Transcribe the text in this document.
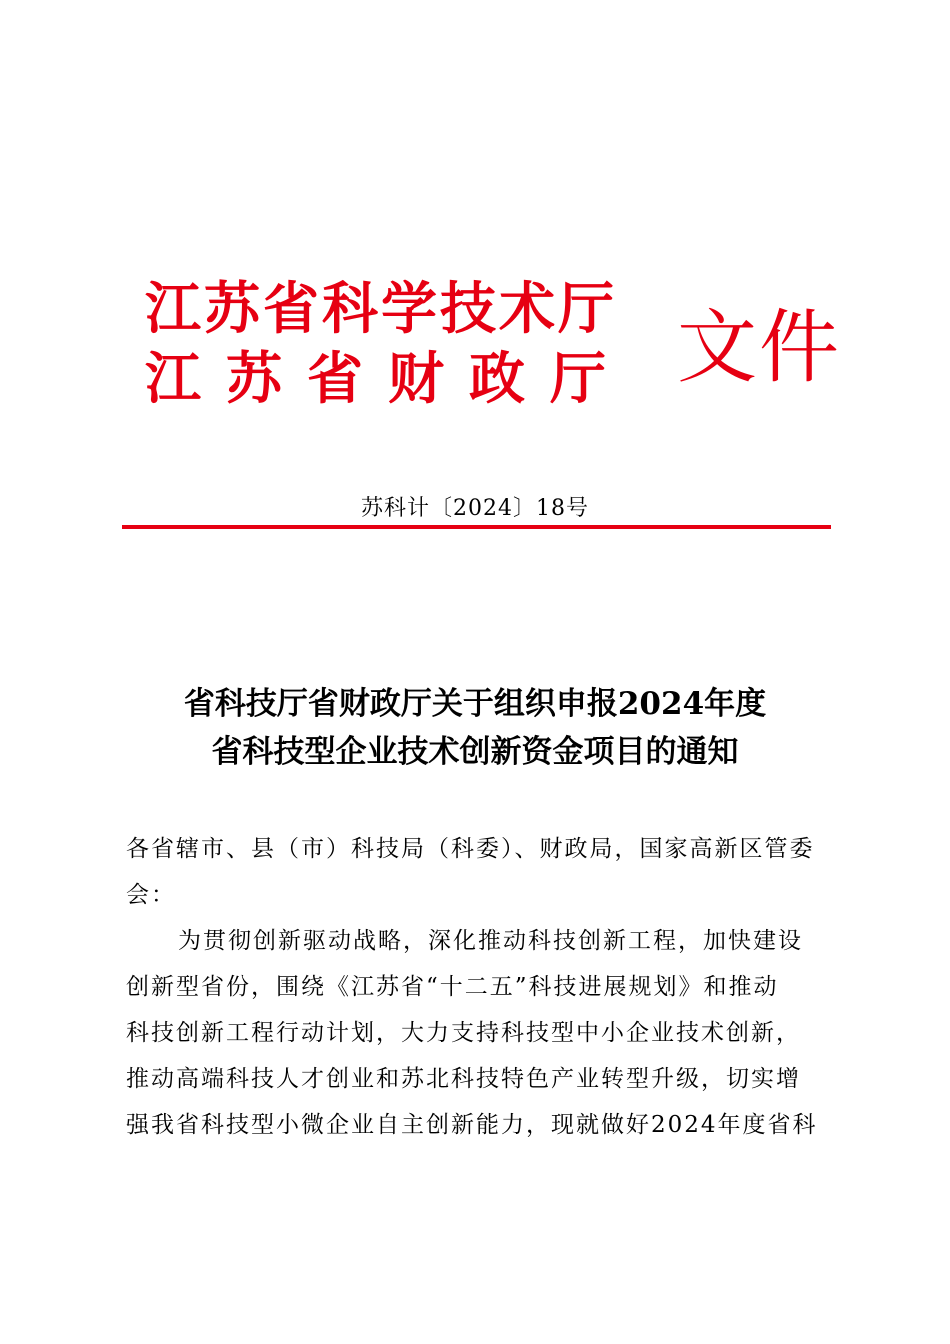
江苏省科学技术厅
江苏省财政厅 文件
苏科计〔2024〕18号
省科技厅省财政厅关于组织申报2024年度
省科技型企业技术创新资金项目的通知
各省辖市、县（市）科技局（科委）、财政局，国家高新区管委
会：
为贯彻创新驱动战略，深化推动科技创新工程，加快建设
创新型省份，围绕《江苏省“十二五”科技进展规划》和推动
科技创新工程行动计划，大力支持科技型中小企业技术创新，
推动高端科技人才创业和苏北科技特色产业转型升级，切实增
强我省科技型小微企业自主创新能力，现就做好2024年度省科
